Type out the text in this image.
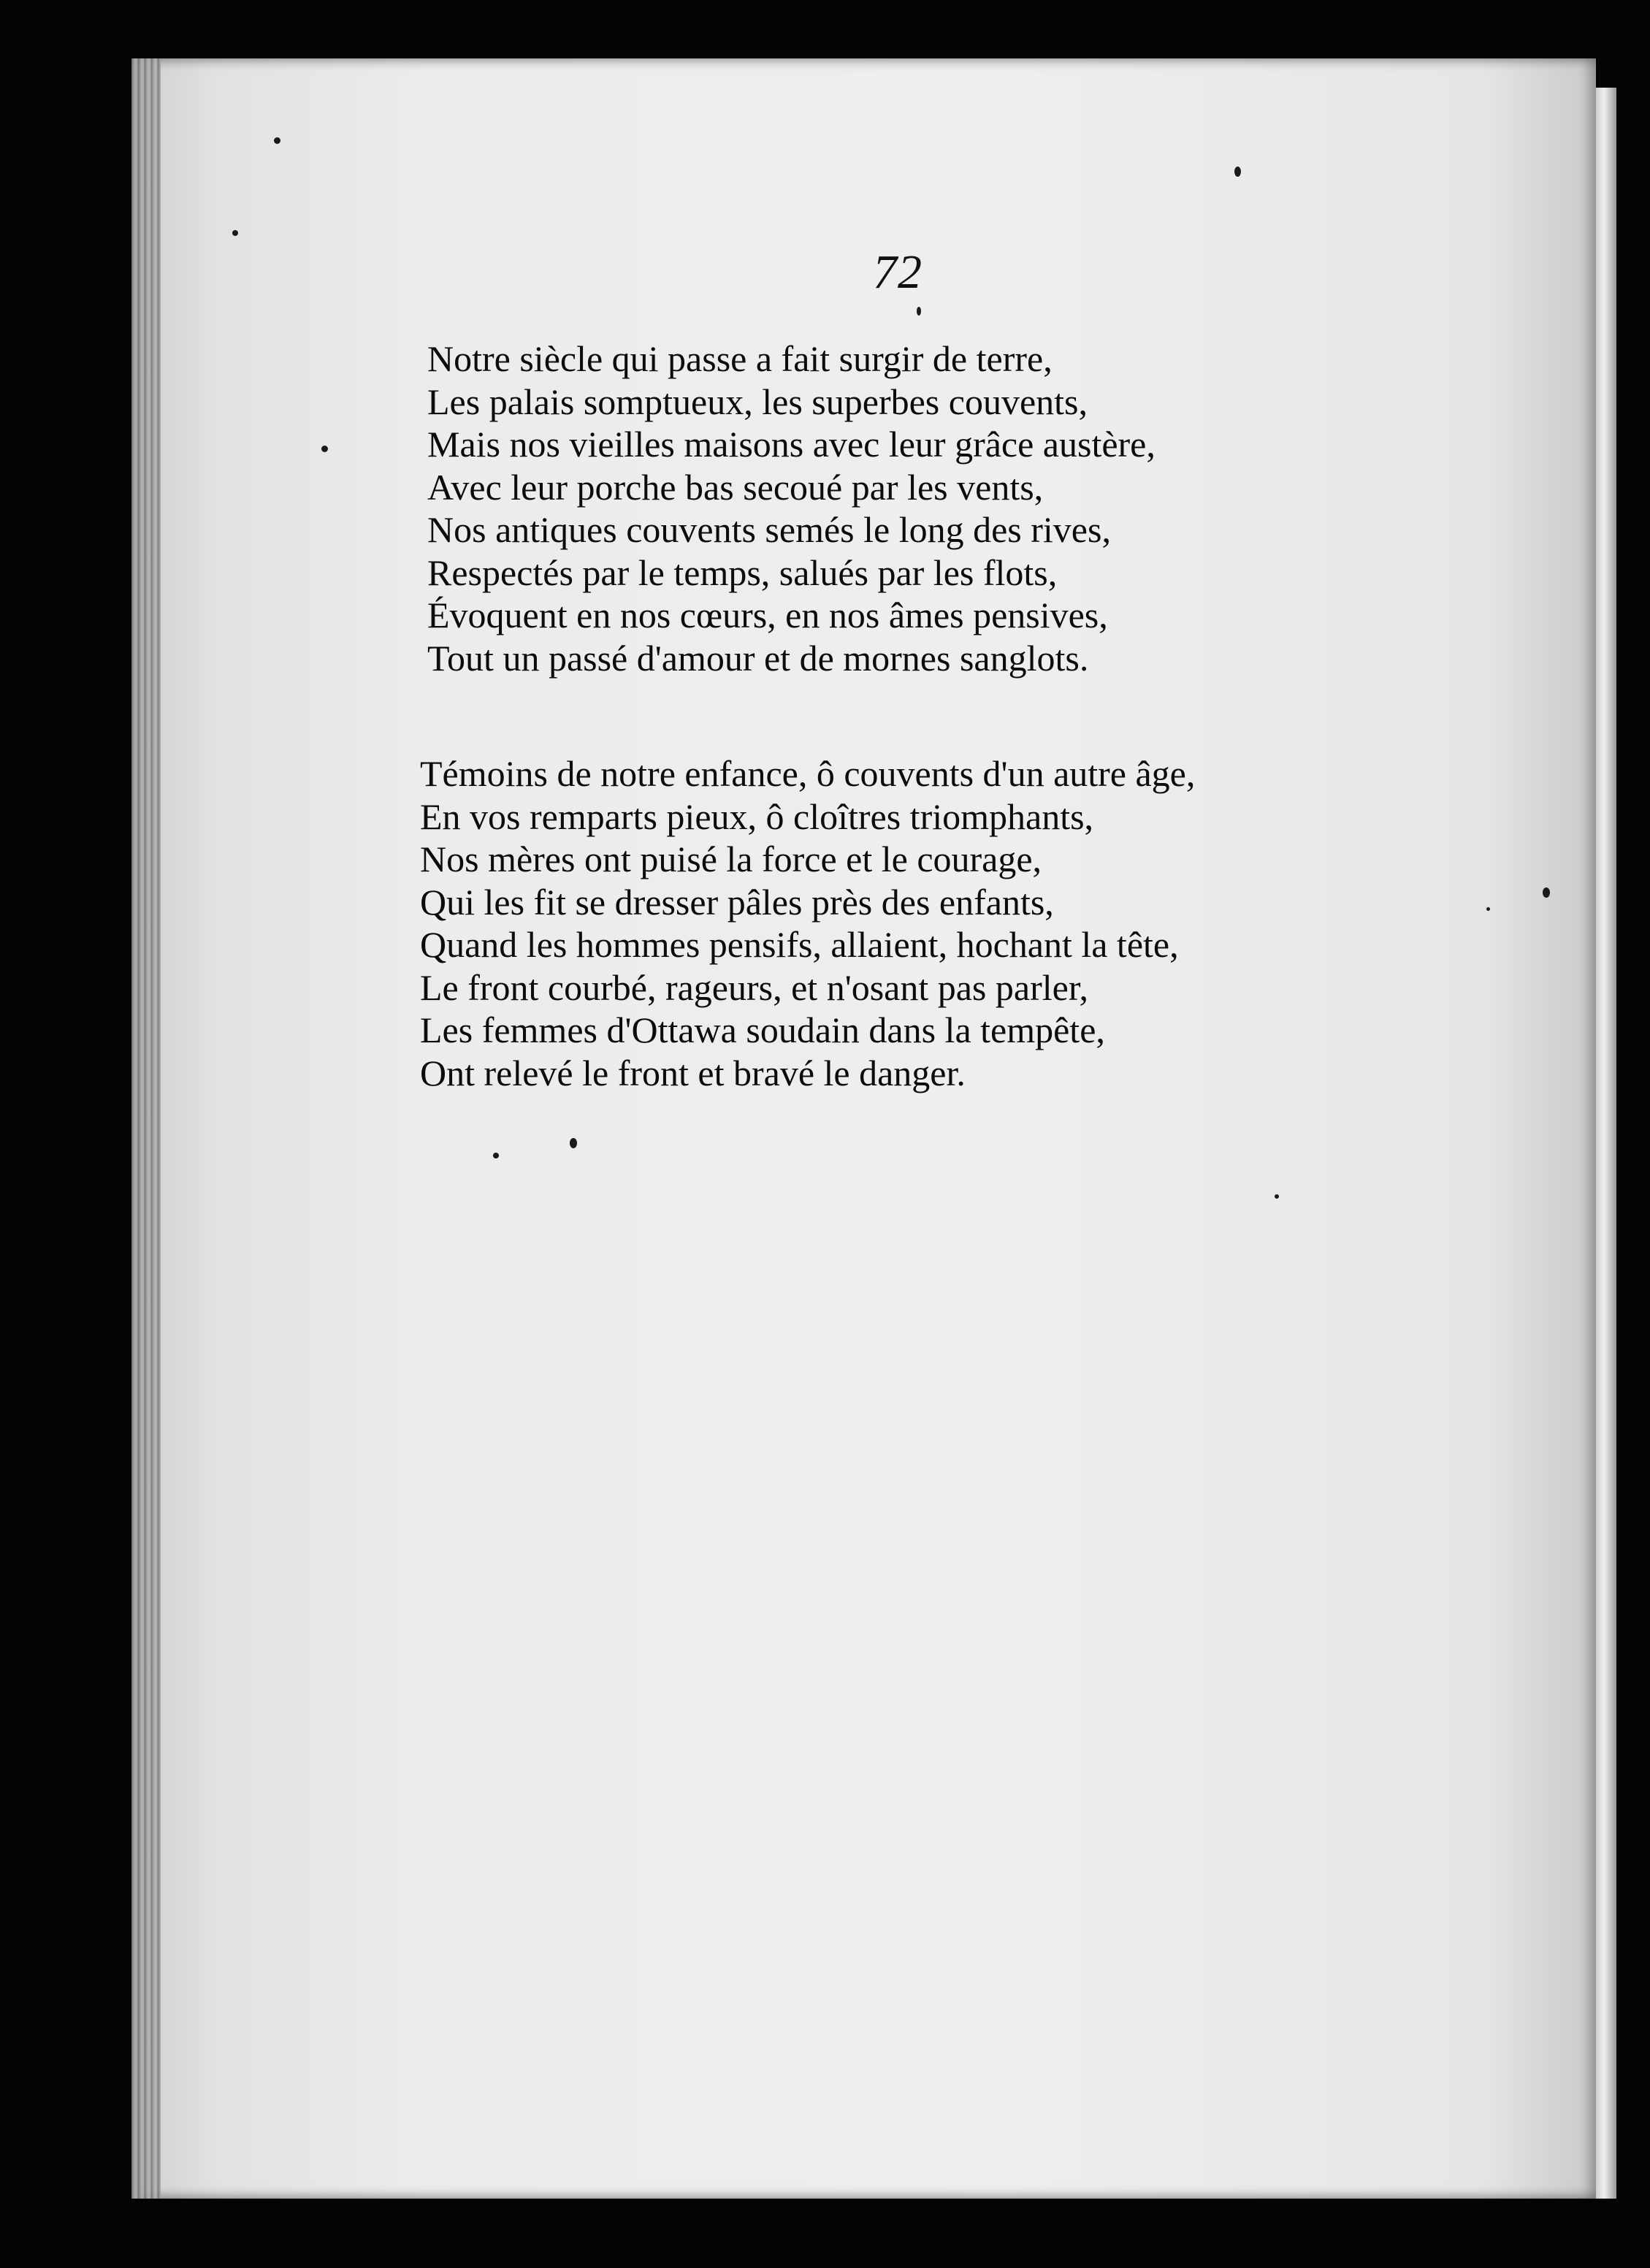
72
Notre siècle qui passe a fait surgir de terre,
Les palais somptueux, les superbes couvents,
Mais nos vieilles maisons avec leur grâce austère,
Avec leur porche bas secoué par les vents,
Nos antiques couvents semés le long des rives,
Respectés par le temps, salués par les flots,
Évoquent en nos cœurs, en nos âmes pensives,
Tout un passé d'amour et de mornes sanglots.
Témoins de notre enfance, ô couvents d'un autre âge,
En vos remparts pieux, ô cloîtres triomphants,
Nos mères ont puisé la force et le courage,
Qui les fit se dresser pâles près des enfants,
Quand les hommes pensifs, allaient, hochant la tête,
Le front courbé, rageurs, et n'osant pas parler,
Les femmes d'Ottawa soudain dans la tempête,
Ont relevé le front et bravé le danger.
